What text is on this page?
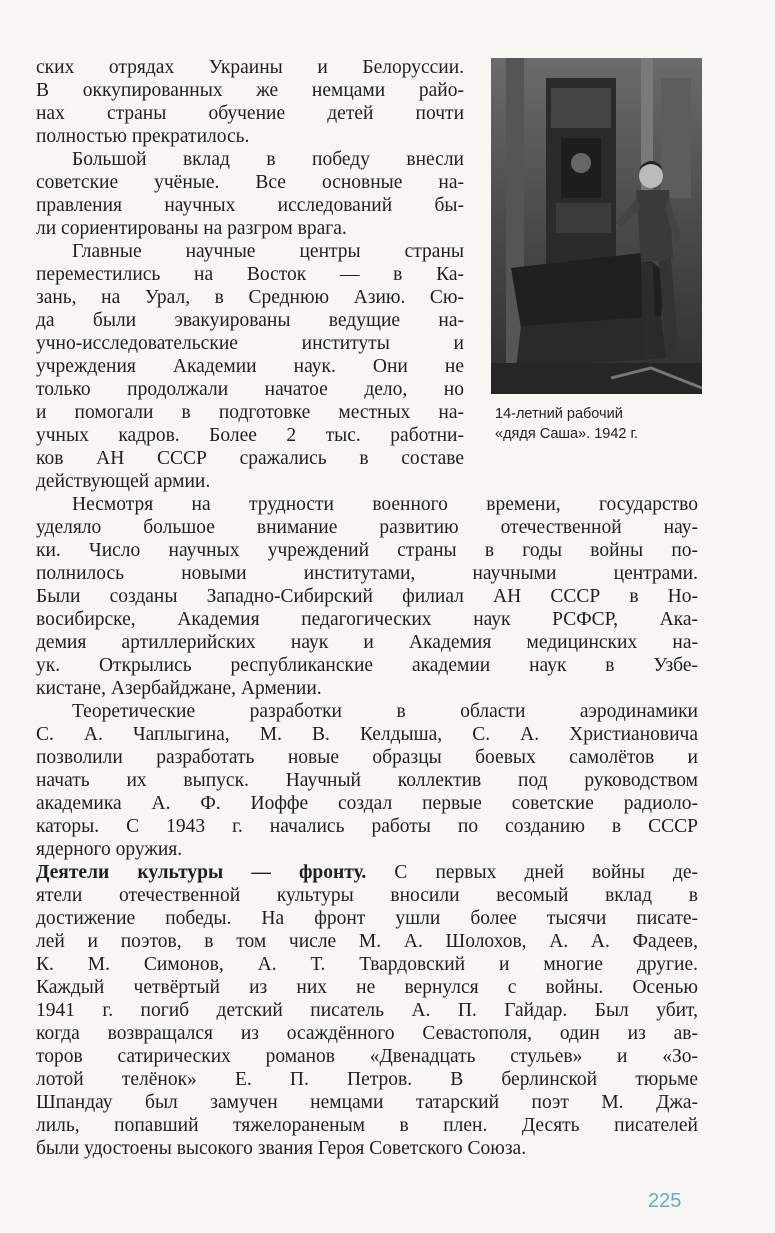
14-летний рабочий
«дядя Саша». 1942 г.
ских отрядах Украины и Белоруссии.
В оккупированных же немцами райо-
нах страны обучение детей почти
полностью прекратилось.
Большой вклад в победу внесли
советские учёные. Все основные на-
правления научных исследований бы-
ли сориентированы на разгром врага.
Главные научные центры страны
переместились на Восток — в Ка-
зань, на Урал, в Среднюю Азию. Сю-
да были эвакуированы ведущие на-
учно-исследовательские институты и
учреждения Академии наук. Они не
только продолжали начатое дело, но
и помогали в подготовке местных на-
учных кадров. Более 2 тыс. работни-
ков АН СССР сражались в составе
действующей армии.
Несмотря на трудности военного времени, государство
уделяло большое внимание развитию отечественной нау-
ки. Число научных учреждений страны в годы войны по-
полнилось новыми институтами, научными центрами.
Были созданы Западно-Сибирский филиал АН СССР в Но-
восибирске, Академия педагогических наук РСФСР, Ака-
демия артиллерийских наук и Академия медицинских на-
ук. Открылись республиканские академии наук в Узбе-
кистане, Азербайджане, Армении.
Теоретические разработки в области аэродинамики
С. А. Чаплыгина, М. В. Келдыша, С. А. Христиановича
позволили разработать новые образцы боевых самолётов и
начать их выпуск. Научный коллектив под руководством
академика А. Ф. Иоффе создал первые советские радиоло-
каторы. С 1943 г. начались работы по созданию в СССР
ядерного оружия.
Деятели культуры — фронту. С первых дней войны де-
ятели отечественной культуры вносили весомый вклад в
достижение победы. На фронт ушли более тысячи писате-
лей и поэтов, в том числе М. А. Шолохов, А. А. Фадеев,
К. М. Симонов, А. Т. Твардовский и многие другие.
Каждый четвёртый из них не вернулся с войны. Осенью
1941 г. погиб детский писатель А. П. Гайдар. Был убит,
когда возвращался из осаждённого Севастополя, один из ав-
торов сатирических романов «Двенадцать стульев» и «Зо-
лотой телёнок» Е. П. Петров. В берлинской тюрьме
Шпандау был замучен немцами татарский поэт М. Джа-
лиль, попавший тяжелораненым в плен. Десять писателей
были удостоены высокого звания Героя Советского Союза.
225
